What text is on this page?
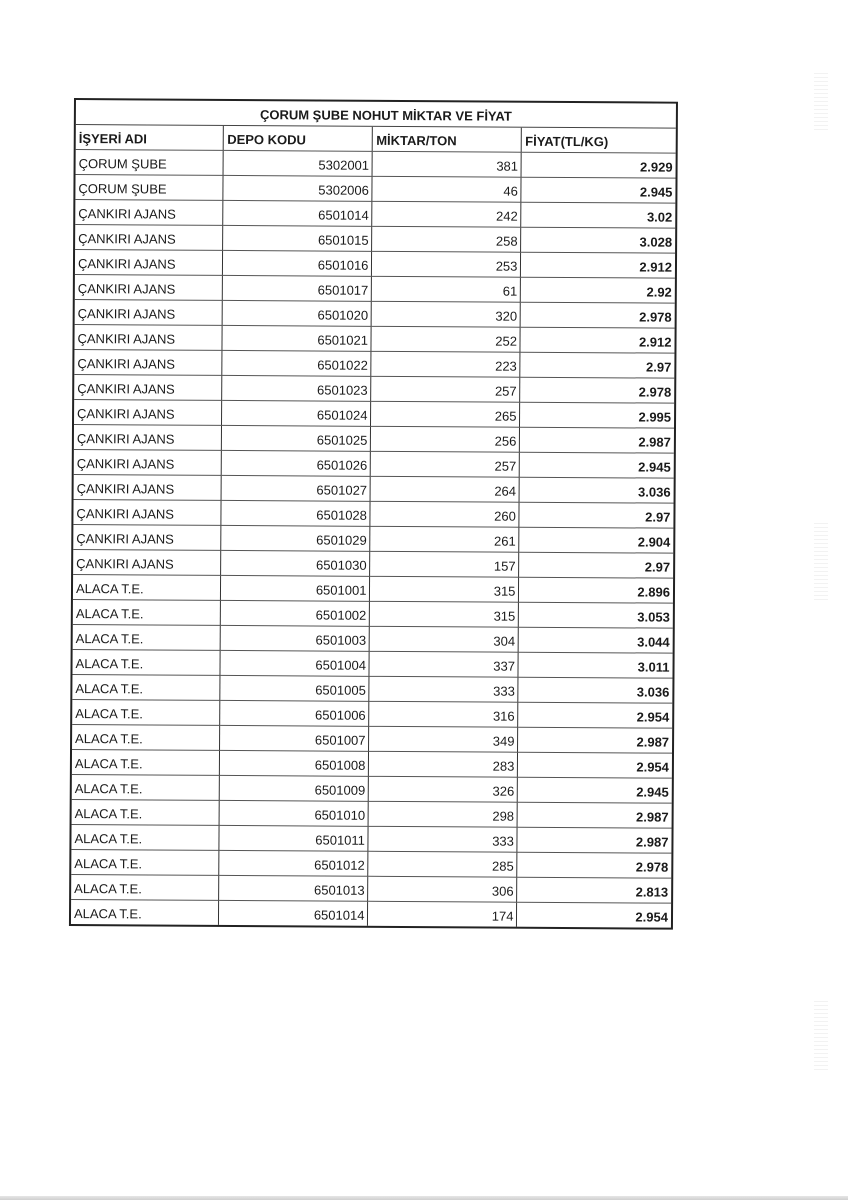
ÇORUM ŞUBE NOHUT MİKTAR VE FİYAT
İŞYERİ ADI	DEPO KODU	MİKTAR/TON	FİYAT(TL/KG)
ÇORUM ŞUBE	5302001	381	2.929
ÇORUM ŞUBE	5302006	46	2.945
ÇANKIRI AJANS	6501014	242	3.02
ÇANKIRI AJANS	6501015	258	3.028
ÇANKIRI AJANS	6501016	253	2.912
ÇANKIRI AJANS	6501017	61	2.92
ÇANKIRI AJANS	6501020	320	2.978
ÇANKIRI AJANS	6501021	252	2.912
ÇANKIRI AJANS	6501022	223	2.97
ÇANKIRI AJANS	6501023	257	2.978
ÇANKIRI AJANS	6501024	265	2.995
ÇANKIRI AJANS	6501025	256	2.987
ÇANKIRI AJANS	6501026	257	2.945
ÇANKIRI AJANS	6501027	264	3.036
ÇANKIRI AJANS	6501028	260	2.97
ÇANKIRI AJANS	6501029	261	2.904
ÇANKIRI AJANS	6501030	157	2.97
ALACA T.E.	6501001	315	2.896
ALACA T.E.	6501002	315	3.053
ALACA T.E.	6501003	304	3.044
ALACA T.E.	6501004	337	3.011
ALACA T.E.	6501005	333	3.036
ALACA T.E.	6501006	316	2.954
ALACA T.E.	6501007	349	2.987
ALACA T.E.	6501008	283	2.954
ALACA T.E.	6501009	326	2.945
ALACA T.E.	6501010	298	2.987
ALACA T.E.	6501011	333	2.987
ALACA T.E.	6501012	285	2.978
ALACA T.E.	6501013	306	2.813
ALACA T.E.	6501014	174	2.954
